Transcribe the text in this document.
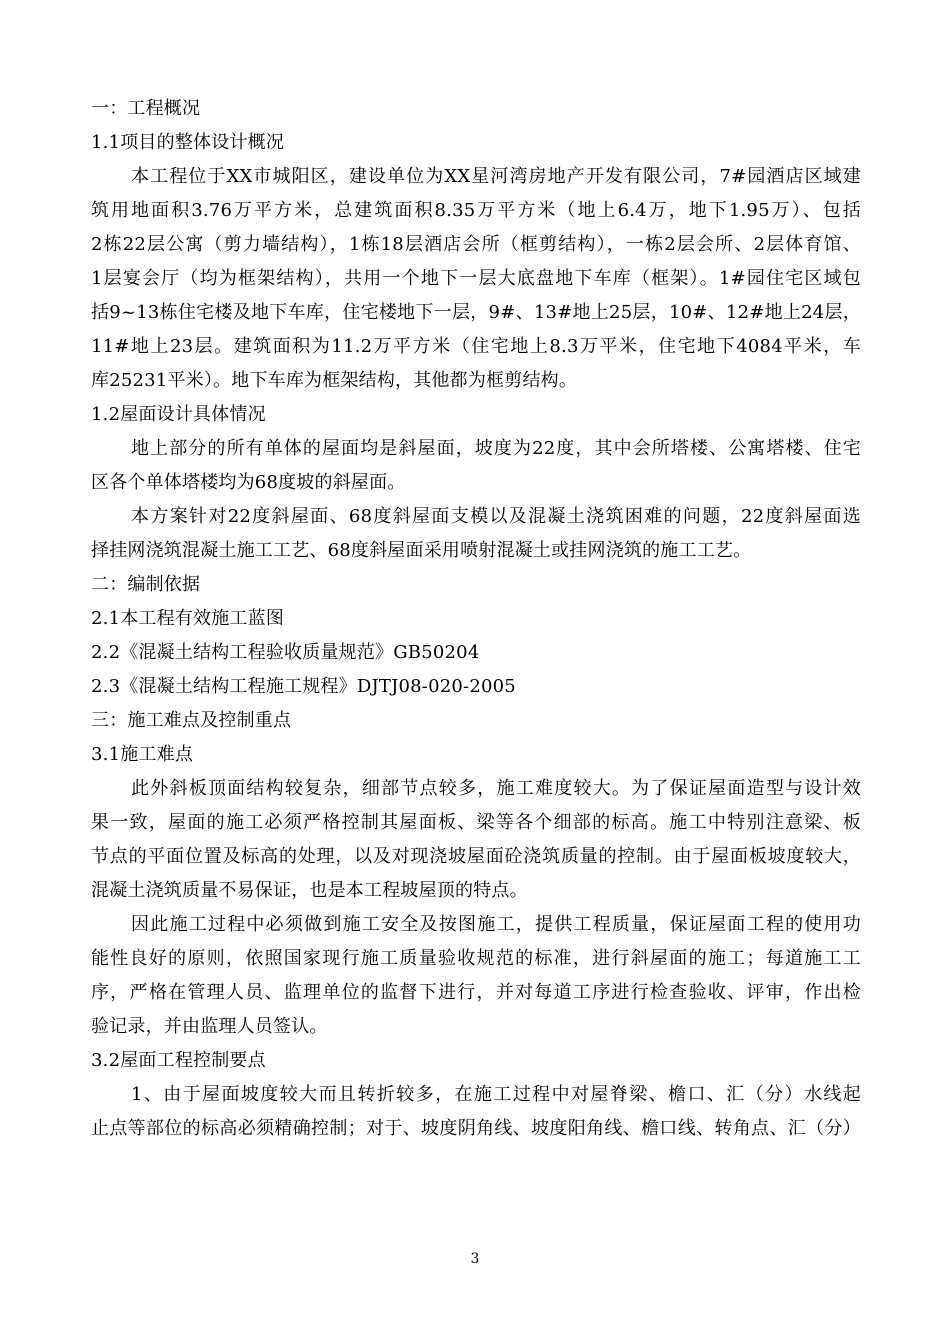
一：工程概况
1.1项目的整体设计概况
本工程位于XX市城阳区，建设单位为XX星河湾房地产开发有限公司，7#园酒店区域建
筑用地面积3.76万平方米，总建筑面积8.35万平方米（地上6.4万，地下1.95万）、包括
2栋22层公寓（剪力墙结构），1栋18层酒店会所（框剪结构），一栋2层会所、2层体育馆、
1层宴会厅（均为框架结构），共用一个地下一层大底盘地下车库（框架）。1#园住宅区域包
括9~13栋住宅楼及地下车库，住宅楼地下一层，9#、13#地上25层，10#、12#地上24层，
11#地上23层。建筑面积为11.2万平方米（住宅地上8.3万平米，住宅地下4084平米，车
库25231平米）。地下车库为框架结构，其他都为框剪结构。
1.2屋面设计具体情况
地上部分的所有单体的屋面均是斜屋面，坡度为22度，其中会所塔楼、公寓塔楼、住宅
区各个单体塔楼均为68度坡的斜屋面。
本方案针对22度斜屋面、68度斜屋面支模以及混凝土浇筑困难的问题，22度斜屋面选
择挂网浇筑混凝土施工工艺、68度斜屋面采用喷射混凝土或挂网浇筑的施工工艺。
二：编制依据
2.1本工程有效施工蓝图
2.2《混凝土结构工程验收质量规范》GB50204
2.3《混凝土结构工程施工规程》DJTJ08-020-2005
三：施工难点及控制重点
3.1施工难点
此外斜板顶面结构较复杂，细部节点较多，施工难度较大。为了保证屋面造型与设计效
果一致，屋面的施工必须严格控制其屋面板、梁等各个细部的标高。施工中特别注意梁、板
节点的平面位置及标高的处理，以及对现浇坡屋面砼浇筑质量的控制。由于屋面板坡度较大，
混凝土浇筑质量不易保证，也是本工程坡屋顶的特点。
因此施工过程中必须做到施工安全及按图施工，提供工程质量，保证屋面工程的使用功
能性良好的原则，依照国家现行施工质量验收规范的标准，进行斜屋面的施工；每道施工工
序，严格在管理人员、监理单位的监督下进行，并对每道工序进行检查验收、评审，作出检
验记录，并由监理人员签认。
3.2屋面工程控制要点
1、由于屋面坡度较大而且转折较多，在施工过程中对屋脊梁、檐口、汇（分）水线起
止点等部位的标高必须精确控制；对于、坡度阴角线、坡度阳角线、檐口线、转角点、汇（分）
3
